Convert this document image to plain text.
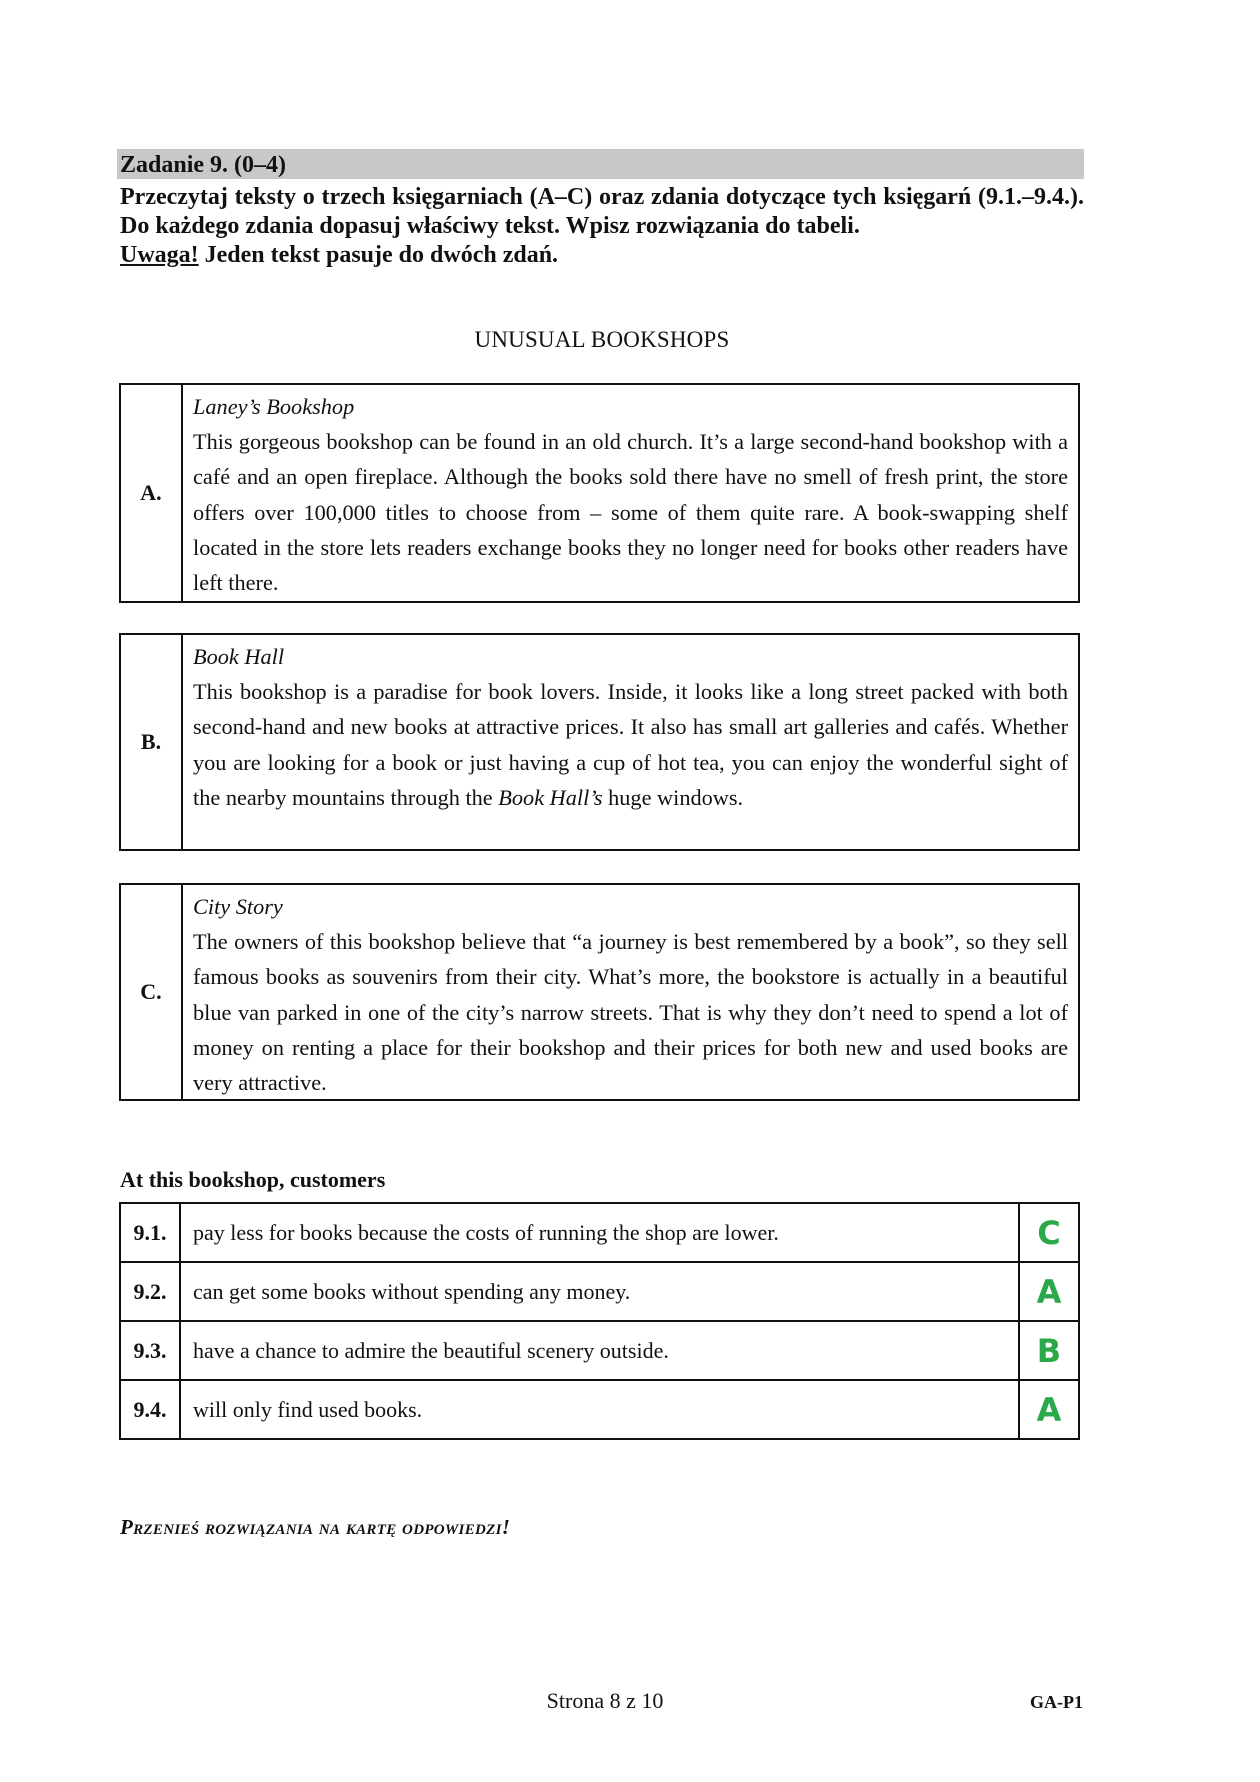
Zadanie 9. (0–4)
Przeczytaj teksty o trzech księgarniach (A–C) oraz zdania dotyczące tych księgarń (9.1.–9.4.). Do każdego zdania dopasuj właściwy tekst. Wpisz rozwiązania do tabeli.
Uwaga! Jeden tekst pasuje do dwóch zdań.
UNUSUAL BOOKSHOPS
A.
Laney’s Bookshop
This gorgeous bookshop can be found in an old church. It’s a large second-hand bookshop with a café and an open fireplace. Although the books sold there have no smell of fresh print, the store offers over 100,000 titles to choose from – some of them quite rare. A book-swapping shelf located in the store lets readers exchange books they no longer need for books other readers have left there.
B.
Book Hall
This bookshop is a paradise for book lovers. Inside, it looks like a long street packed with both second-hand and new books at attractive prices. It also has small art galleries and cafés. Whether you are looking for a book or just having a cup of hot tea, you can enjoy the wonderful sight of the nearby mountains through the Book Hall’s huge windows.
C.
City Story
The owners of this bookshop believe that “a journey is best remembered by a book”, so they sell famous books as souvenirs from their city. What’s more, the bookstore is actually in a beautiful blue van parked in one of the city’s narrow streets. That is why they don’t need to spend a lot of money on renting a place for their bookshop and their prices for both new and used books are very attractive.
At this bookshop, customers
9.1.	pay less for books because the costs of running the shop are lower.	C
9.2.	can get some books without spending any money.	A
9.3.	have a chance to admire the beautiful scenery outside.	B
9.4.	will only find used books.	A
Przenieś rozwiązania na kartę odpowiedzi!
Strona 8 z 10	GA-P1
